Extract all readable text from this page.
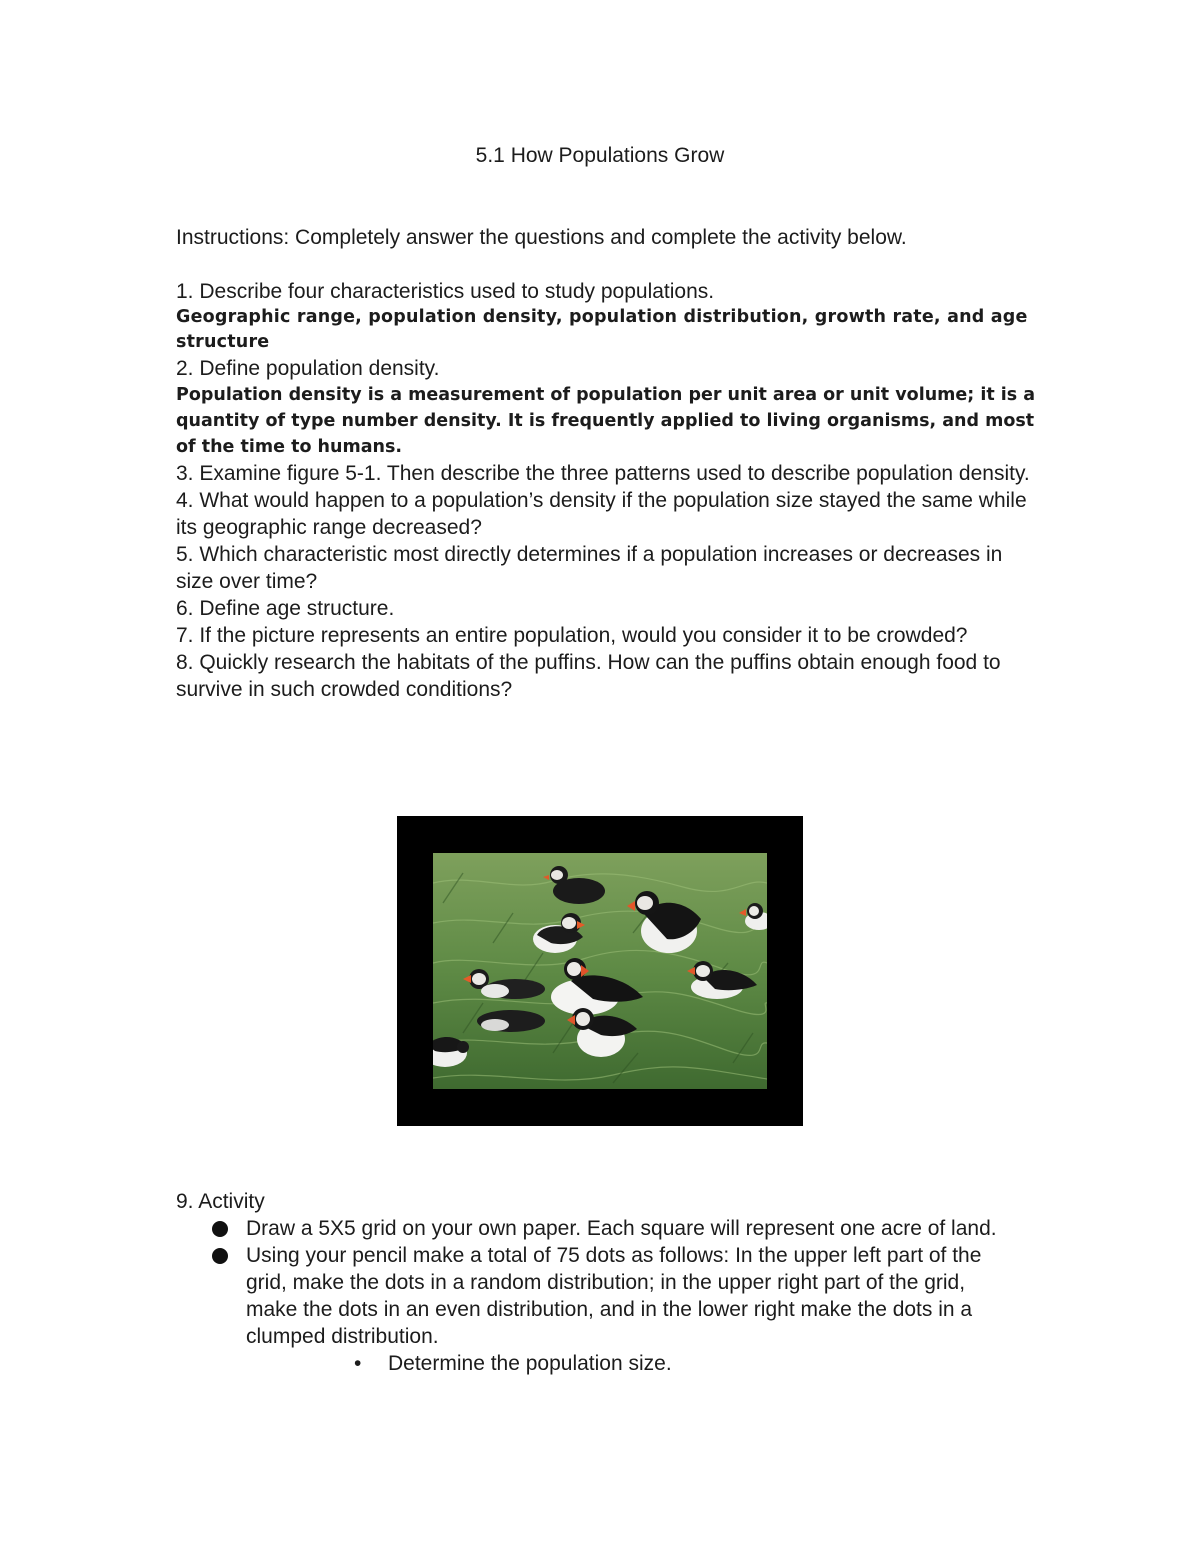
5.1 How Populations Grow

Instructions: Completely answer the questions and complete the activity below.

1. Describe four characteristics used to study populations.

Geographic range, population density, population distribution, growth rate, and age structure

2. Define population density.

Population density is a measurement of population per unit area or unit volume; it is a quantity of type number density. It is frequently applied to living organisms, and most of the time to humans.

3. Examine figure 5-1. Then describe the three patterns used to describe population density.

4. What would happen to a population’s density if the population size stayed the same while its geographic range decreased?

5. Which characteristic most directly determines if a population increases or decreases in size over time?

6. Define age structure.

7. If the picture represents an entire population, would you consider it to be crowded?

8. Quickly research the habitats of the puffins. How can the puffins obtain enough food to survive in such crowded conditions?

9. Activity

Draw a 5X5 grid on your own paper. Each square will represent one acre of land.
Using your pencil make a total of 75 dots as follows: In the upper left part of the grid, make the dots in a random distribution; in the upper right part of the grid, make the dots in an even distribution, and in the lower right make the dots in a clumped distribution.
• Determine the population size.
